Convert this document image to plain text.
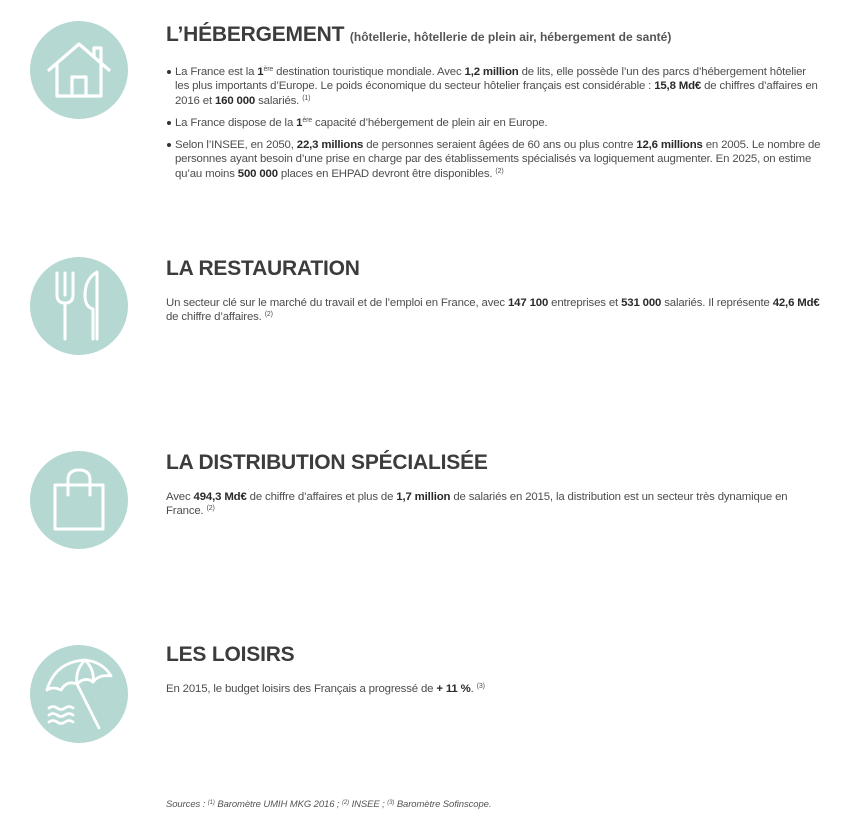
L’HÉBERGEMENT (hôtellerie, hôtellerie de plein air, hébergement de santé)
La France est la 1ère destination touristique mondiale. Avec 1,2 million de lits, elle possède l’un des parcs d’hébergement hôtelier les plus importants d’Europe. Le poids économique du secteur hôtelier français est considérable : 15,8 Md€ de chiffres d’affaires en 2016 et 160 000 salariés. $^{(1)}$
La France dispose de la 1ère capacité d’hébergement de plein air en Europe.
Selon l’INSEE, en 2050, 22,3 millions de personnes seraient âgées de 60 ans ou plus contre 12,6 millions en 2005. Le nombre de personnes ayant besoin d’une prise en charge par des établissements spécialisés va logiquement augmenter. En 2025, on estime qu’au moins 500 000 places en EHPAD devront être disponibles. $^{(2)}$
LA RESTAURATION

Un secteur clé sur le marché du travail et de l’emploi en France, avec 147 100 entreprises et 531 000 salariés. Il représente 42,6 Md€ de chiffre d’affaires. $^{(2)}$

LA DISTRIBUTION SPÉCIALISÉE

Avec 494,3 Md€ de chiffre d’affaires et plus de 1,7 million de salariés en 2015, la distribution est un secteur très dynamique en France. $^{(2)}$

LES LOISIRS

En 2015, le budget loisirs des Français a progressé de + 11 %. $^{(3)}$

Sources : $^{(1)}$ Baromètre UMIH MKG 2016 ; $^{(2)}$ INSEE ; $^{(3)}$ Baromètre Sofinscope.
